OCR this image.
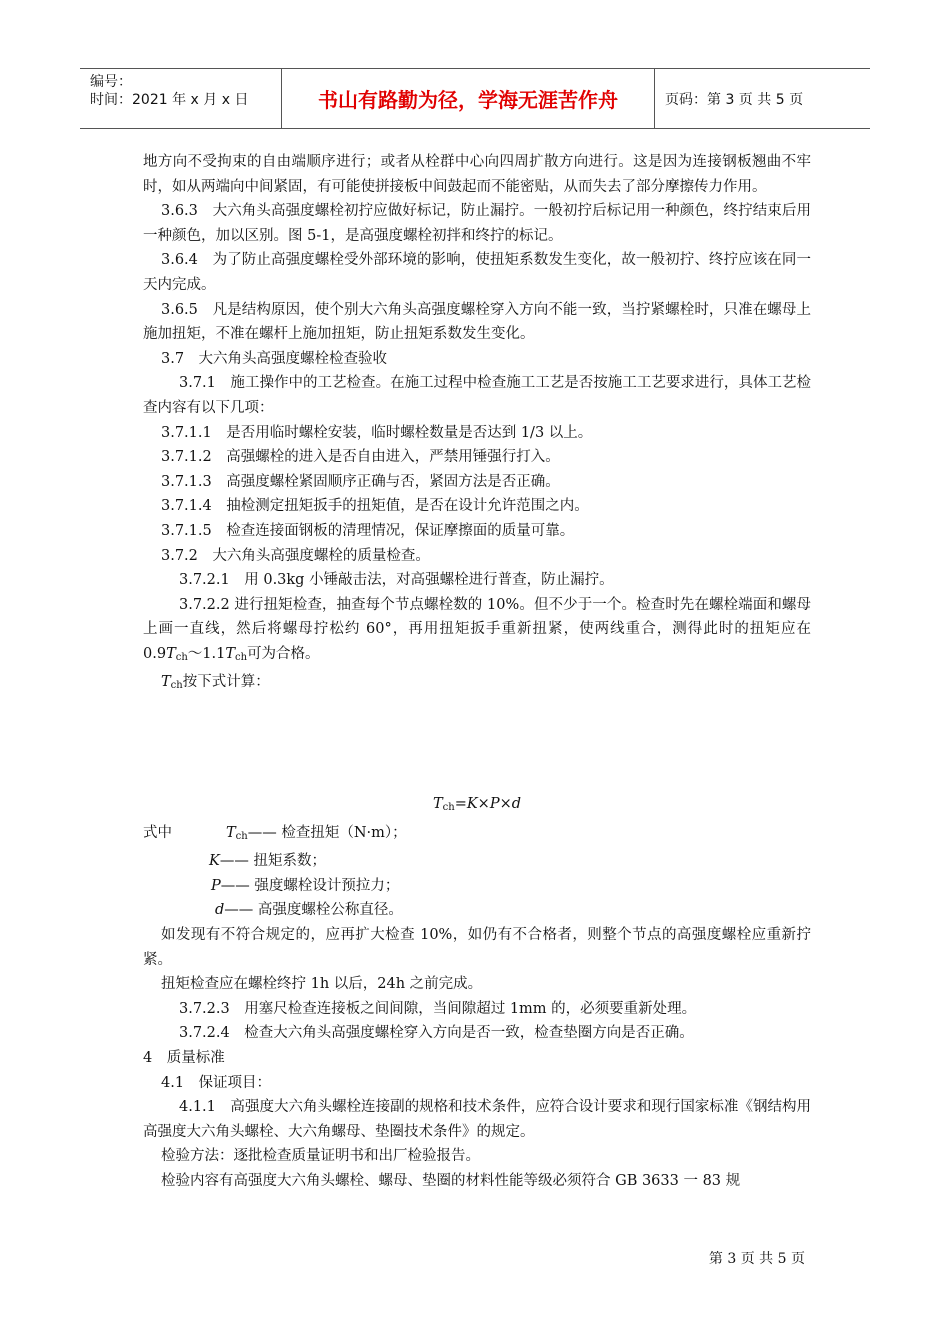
编号：
时间：2021 年 x 月 x 日	书山有路勤为径，学海无涯苦作舟	页码：第 3 页 共 5 页

地方向不受拘束的自由端顺序进行；或者从栓群中心向四周扩散方向进行。这是因为连接钢板翘曲不牢时，如从两端向中间紧固，有可能使拼接板中间鼓起而不能密贴，从而失去了部分摩擦传力作用。

3.6.3　大六角头高强度螺栓初拧应做好标记，防止漏拧。一般初拧后标记用一种颜色，终拧结束后用一种颜色，加以区别。图 5-1，是高强度螺栓初拌和终拧的标记。

3.6.4　为了防止高强度螺栓受外部环境的影响，使扭矩系数发生变化，故一般初拧、终拧应该在同一天内完成。

3.6.5　凡是结构原因，使个别大六角头高强度螺栓穿入方向不能一致，当拧紧螺栓时，只准在螺母上施加扭矩，不准在螺杆上施加扭矩，防止扭矩系数发生变化。

3.7　大六角头高强度螺栓检查验收

3.7.1　施工操作中的工艺检查。在施工过程中检查施工工艺是否按施工工艺要求进行，具体工艺检查内容有以下几项：

3.7.1.1　是否用临时螺栓安装，临时螺栓数量是否达到 1/3 以上。

3.7.1.2　高强螺栓的进入是否自由进入，严禁用锤强行打入。

3.7.1.3　高强度螺栓紧固顺序正确与否，紧固方法是否正确。

3.7.1.4　抽检测定扭矩扳手的扭矩值，是否在设计允许范围之内。

3.7.1.5　检查连接面钢板的清理情况，保证摩擦面的质量可靠。

3.7.2　大六角头高强度螺栓的质量检查。

3.7.2.1　用 0.3kg 小锤敲击法，对高强螺栓进行普查，防止漏拧。

3.7.2.2 进行扭矩检查，抽查每个节点螺栓数的 10%。但不少于一个。检查时先在螺栓端面和螺母上画一直线，然后将螺母拧松约 60°，再用扭矩扳手重新扭紧，使两线重合，测得此时的扭矩应在 $0.9T_{ch}\sim 1.1T_{ch}$可为合格。

$T_{ch}$按下式计算：

$T_{ch}=K\times P\times d$

式中	$T_{ch}——$ 检查扭矩（N·m）；

K—— 扭矩系数；

P—— 强度螺栓设计预拉力；

d—— 高强度螺栓公称直径。

如发现有不符合规定的，应再扩大检查 10%，如仍有不合格者，则整个节点的高强度螺栓应重新拧紧。

扭矩检查应在螺栓终拧 1h 以后，24h 之前完成。

3.7.2.3　用塞尺检查连接板之间间隙，当间隙超过 1mm 的，必须要重新处理。

3.7.2.4　检查大六角头高强度螺栓穿入方向是否一致，检查垫圈方向是否正确。

4　质量标准

4.1　保证项目：

4.1.1　高强度大六角头螺栓连接副的规格和技术条件，应符合设计要求和现行国家标准《钢结构用高强度大六角头螺栓、大六角螺母、垫圈技术条件》的规定。

检验方法：逐批检查质量证明书和出厂检验报告。

检验内容有高强度大六角头螺栓、螺母、垫圈的材料性能等级必须符合 GB 3633 一 83 规

第 3 页 共 5 页
